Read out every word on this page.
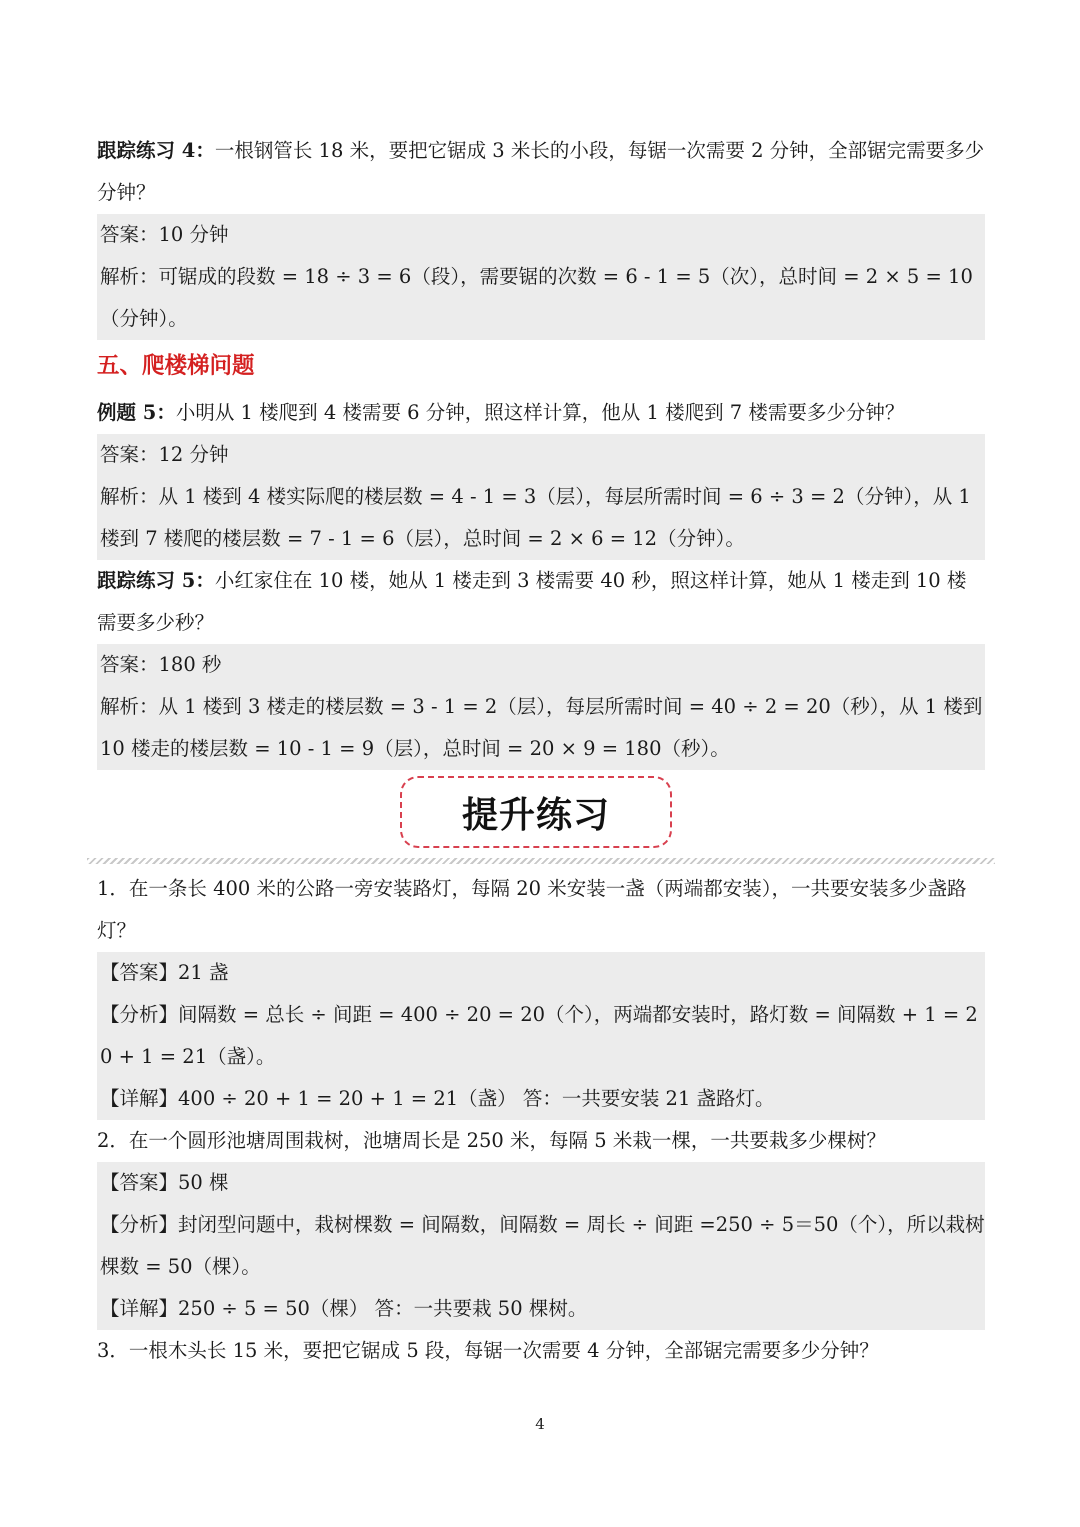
跟踪练习 4：一根钢管长 18 米，要把它锯成 3 米长的小段，每锯一次需要 2 分钟，全部锯完需要多少分钟？

答案：10 分钟

解析：可锯成的段数 = 18 ÷ 3 = 6（段），需要锯的次数 = 6 - 1 = 5（次），总时间 = 2 × 5 = 10（分钟）。

五、爬楼梯问题

例题 5：小明从 1 楼爬到 4 楼需要 6 分钟，照这样计算，他从 1 楼爬到 7 楼需要多少分钟？

答案：12 分钟

解析：从 1 楼到 4 楼实际爬的楼层数 = 4 - 1 = 3（层），每层所需时间 = 6 ÷ 3 = 2（分钟），从 1 楼到 7 楼爬的楼层数 = 7 - 1 = 6（层），总时间 = 2 × 6 = 12（分钟）。

跟踪练习 5：小红家住在 10 楼，她从 1 楼走到 3 楼需要 40 秒，照这样计算，她从 1 楼走到 10 楼需要多少秒？

答案：180 秒

解析：从 1 楼到 3 楼走的楼层数 = 3 - 1 = 2（层），每层所需时间 = 40 ÷ 2 = 20（秒），从 1 楼到 10 楼走的楼层数 = 10 - 1 = 9（层），总时间 = 20 × 9 = 180（秒）。

提升练习

1．在一条长 400 米的公路一旁安装路灯，每隔 20 米安装一盏（两端都安装），一共要安装多少盏路灯？

【答案】21 盏

【分析】间隔数 = 总长 ÷ 间距 = 400 ÷ 20 = 20（个），两端都安装时，路灯数 = 间隔数 + 1 = 20 + 1 = 21（盏）。

【详解】400 ÷ 20 + 1 = 20 + 1 = 21（盏） 答：一共要安装 21 盏路灯。

2．在一个圆形池塘周围栽树，池塘周长是 250 米，每隔 5 米栽一棵，一共要栽多少棵树？

【答案】50 棵

【分析】封闭型问题中，栽树棵数 = 间隔数，间隔数 = 周长 ÷ 间距 =250 ÷ 5＝50（个），所以栽树棵数 = 50（棵）。

【详解】250 ÷ 5 = 50（棵） 答：一共要栽 50 棵树。

3．一根木头长 15 米，要把它锯成 5 段，每锯一次需要 4 分钟，全部锯完需要多少分钟？

4
